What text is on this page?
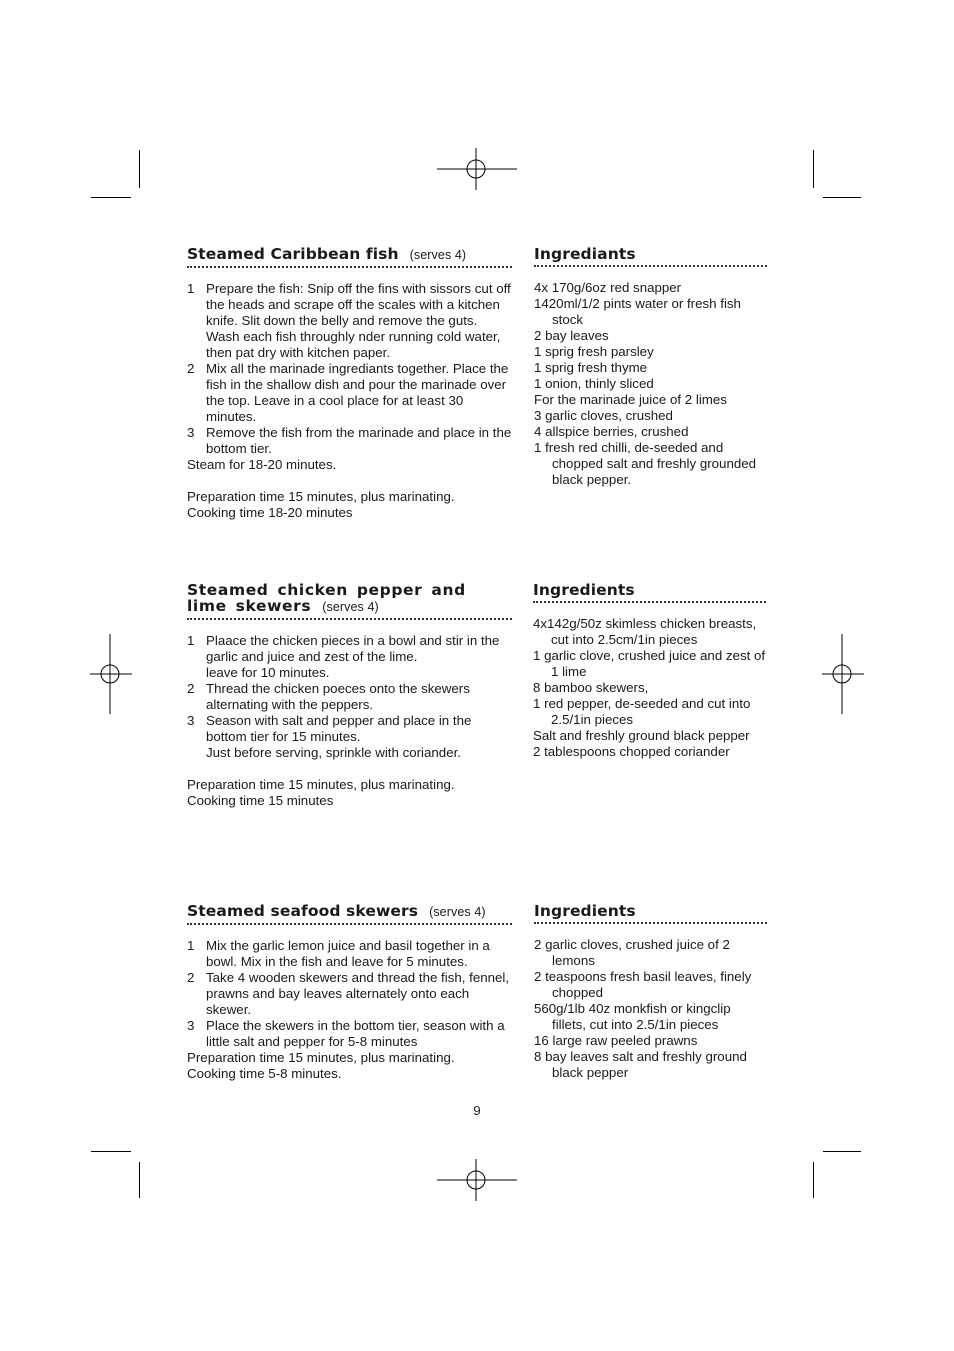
Steamed Caribbean fish (serves 4)
1 Prepare the fish: Snip off the fins with sissors cut off the heads and scrape off the scales with a kitchen knife. Slit down the belly and remove the guts. Wash each fish throughly nder running cold water, then pat dry with kitchen paper.
2 Mix all the marinade ingrediants together. Place the fish in the shallow dish and pour the marinade over the top. Leave in a cool place for at least 30 minutes.
3 Remove the fish from the marinade and place in the bottom tier.
Steam for 18-20 minutes.
Preparation time 15 minutes, plus marinating.
Cooking time 18-20 minutes
Ingrediants
4x 170g/6oz red snapper
1420ml/1/2 pints water or fresh fish stock
2 bay leaves
1 sprig fresh parsley
1 sprig fresh thyme
1 onion, thinly sliced
For the marinade juice of 2 limes
3 garlic cloves, crushed
4 allspice berries, crushed
1 fresh red chilli, de-seeded and chopped salt and freshly grounded black pepper.
Steamed chicken pepper and lime skewers (serves 4)
1 Plaace the chicken pieces in a bowl and stir in the garlic and juice and zest of the lime.
leave for 10 minutes.
2 Thread the chicken poeces onto the skewers alternating with the peppers.
3 Season with salt and pepper and place in the bottom tier for 15 minutes.
Just before serving, sprinkle with coriander.
Preparation time 15 minutes, plus marinating.
Cooking time 15 minutes
Ingredients
4x142g/50z skimless chicken breasts, cut into 2.5cm/1in pieces
1 garlic clove, crushed juice and zest of 1 lime
8 bamboo skewers,
1 red pepper, de-seeded and cut into 2.5/1in pieces
Salt and freshly ground black pepper
2 tablespoons chopped coriander
Steamed seafood skewers (serves 4)
1 Mix the garlic lemon juice and basil together in a bowl. Mix in the fish and leave for 5 minutes.
2 Take 4 wooden skewers and thread the fish, fennel, prawns and bay leaves alternately onto each skewer.
3 Place the skewers in the bottom tier, season with a little salt and pepper for 5-8 minutes
Preparation time 15 minutes, plus marinating.
Cooking time 5-8 minutes.
Ingredients
2 garlic cloves, crushed juice of 2 lemons
2 teaspoons fresh basil leaves, finely chopped
560g/1lb 40z monkfish or kingclip fillets, cut into 2.5/1in pieces
16 large raw peeled prawns
8 bay leaves salt and freshly ground black pepper
9
